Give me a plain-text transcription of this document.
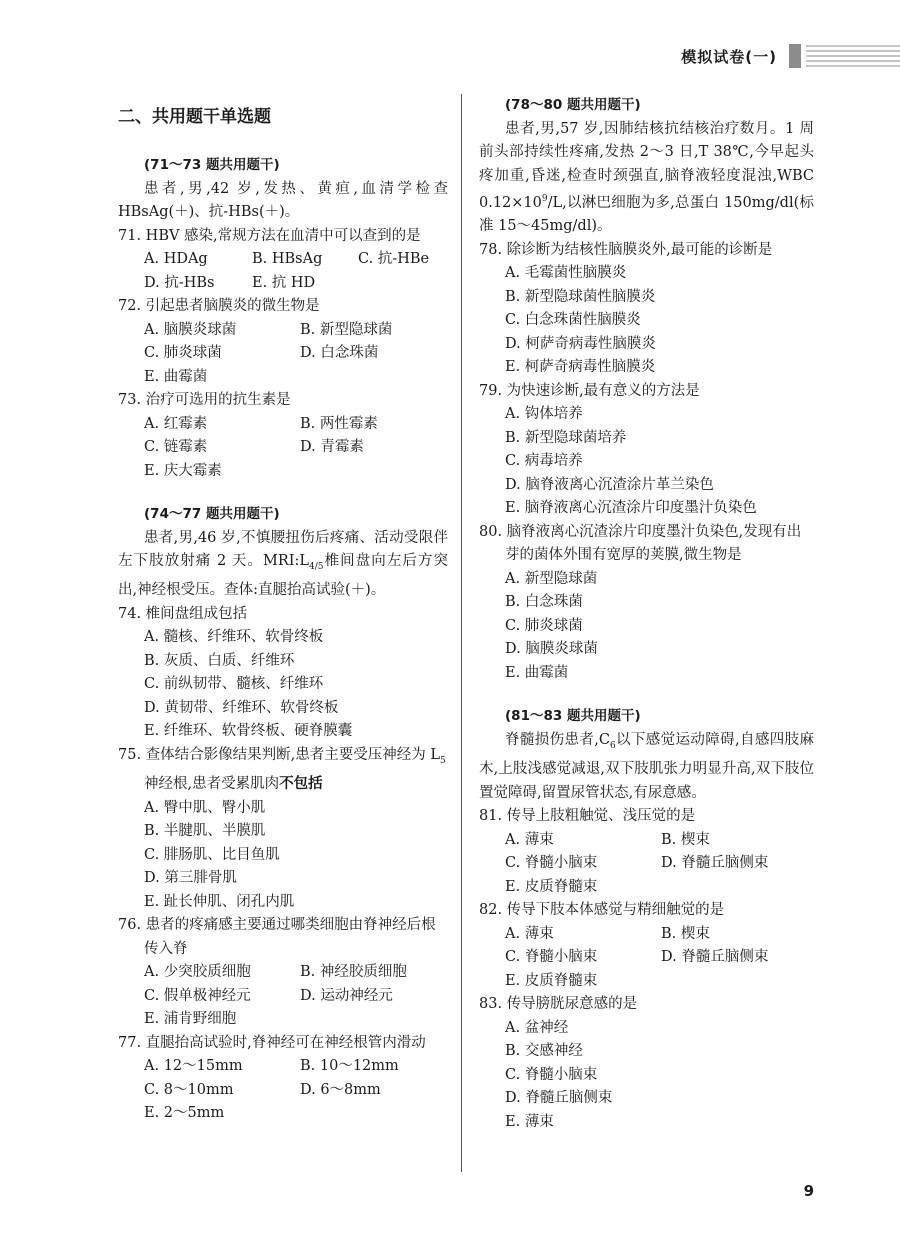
模拟试卷(一)
二、共用题干单选题
(71～73 题共用题干)
患者,男,42 岁,发热、黄疸,血清学检查HBsAg(＋)、抗-HBs(＋)。
71. HBV 感染,常规方法在血清中可以查到的是
A. HDAg	B. HBsAg	C. 抗-HBe
D. 抗-HBs	E. 抗 HD
72. 引起患者脑膜炎的微生物是
A. 脑膜炎球菌	B. 新型隐球菌
C. 肺炎球菌	D. 白念珠菌
E. 曲霉菌
73. 治疗可选用的抗生素是
A. 红霉素	B. 两性霉素
C. 链霉素	D. 青霉素
E. 庆大霉素
(74～77 题共用题干)
患者,男,46 岁,不慎腰扭伤后疼痛、活动受限伴左下肢放射痛 2 天。$MRI:L_{4/5}$椎间盘向左后方突出,神经根受压。查体:直腿抬高试验(＋)。
74. 椎间盘组成包括
A. 髓核、纤维环、软骨终板
B. 灰质、白质、纤维环
C. 前纵韧带、髓核、纤维环
D. 黄韧带、纤维环、软骨终板
E. 纤维环、软骨终板、硬脊膜囊
75. 查体结合影像结果判断,患者主要受压神经为 $L_5$神经根,患者受累肌肉不包括
A. 臀中肌、臀小肌
B. 半腱肌、半膜肌
C. 腓肠肌、比目鱼肌
D. 第三腓骨肌
E. 趾长伸肌、闭孔内肌
76. 患者的疼痛感主要通过哪类细胞由脊神经后根传入脊
A. 少突胶质细胞	B. 神经胶质细胞
C. 假单极神经元	D. 运动神经元
E. 浦肯野细胞
77. 直腿抬高试验时,脊神经可在神经根管内滑动
A. 12～15mm	B. 10～12mm
C. 8～10mm	D. 6～8mm
E. 2～5mm
(78～80 题共用题干)
患者,男,57 岁,因肺结核抗结核治疗数月。1 周前头部持续性疼痛,发热 2～3 日,T 38℃,今早起头疼加重,昏迷,检查时颈强直,脑脊液轻度混浊,WBC $0.12\times 10^9/L$,以淋巴细胞为多,总蛋白 150mg/dl(标准 15～45mg/dl)。
78. 除诊断为结核性脑膜炎外,最可能的诊断是
A. 毛霉菌性脑膜炎
B. 新型隐球菌性脑膜炎
C. 白念珠菌性脑膜炎
D. 柯萨奇病毒性脑膜炎
E. 柯萨奇病毒性脑膜炎
79. 为快速诊断,最有意义的方法是
A. 钩体培养
B. 新型隐球菌培养
C. 病毒培养
D. 脑脊液离心沉渣涂片革兰染色
E. 脑脊液离心沉渣涂片印度墨汁负染色
80. 脑脊液离心沉渣涂片印度墨汁负染色,发现有出芽的菌体外围有宽厚的荚膜,微生物是
A. 新型隐球菌
B. 白念珠菌
C. 肺炎球菌
D. 脑膜炎球菌
E. 曲霉菌
(81～83 题共用题干)
脊髓损伤患者$,C_6$以下感觉运动障碍,自感四肢麻木,上肢浅感觉减退,双下肢肌张力明显升高,双下肢位置觉障碍,留置尿管状态,有尿意感。
81. 传导上肢粗触觉、浅压觉的是
A. 薄束	B. 楔束
C. 脊髓小脑束	D. 脊髓丘脑侧束
E. 皮质脊髓束
82. 传导下肢本体感觉与精细触觉的是
A. 薄束	B. 楔束
C. 脊髓小脑束	D. 脊髓丘脑侧束
E. 皮质脊髓束
83. 传导膀胱尿意感的是
A. 盆神经
B. 交感神经
C. 脊髓小脑束
D. 脊髓丘脑侧束
E. 薄束
9
